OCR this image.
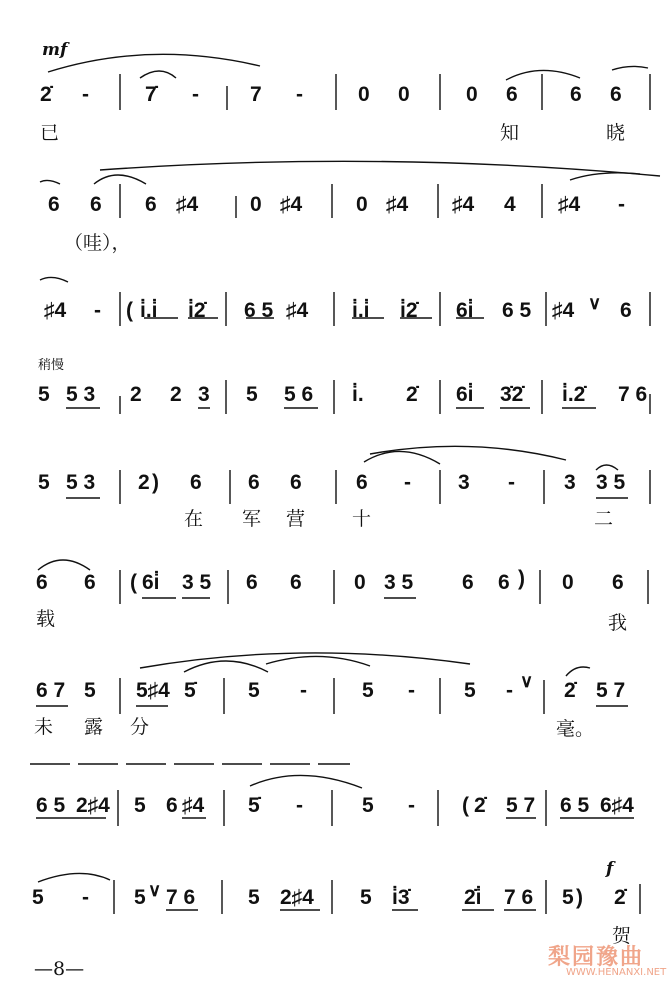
mf
2̇ -	7̇ - 7 -	0 0	0 6 6 6
已	知	晓
6 6 6 ♯4 0 ♯4	0 ♯4 ♯4 4 ♯4 -
（哇），
♯4 - ( i̇.i̇ i̇2̇ 6 5 ♯4 i̇.i̇ i̇2̇ 6i̇ 6 5 ♯4 ∨ 6
稍慢
5 5 3 2 2 3 5 5 6 i̇. 2̇ 6i̇ 3̇2̇ i̇.2̇ 7 6
5 5 3 2 ) 6 6 6	6 - 3 - 3 3 5
在 军 营 十	二
6 6 ( 6i̇ 3 5 6 6 0 3 5 6 6 ) 0 6
载	我
6 7 5 5♯4 5̇ 5 -	5 - 5 - ∨ 2̇ 5 7
未 露 分	毫。
6 5 2♯4 5 6 ♯4 5̇ -	5 - ( 2̇ 5 7 6 5 6♯4
f
5 - 5 ∨ 7 6	5 2♯4 5 i̇3̇	2̇i̇ 7 6 5 ) 2̇
贺
—8—	梨园豫曲
WWW.HENANXI.NET
